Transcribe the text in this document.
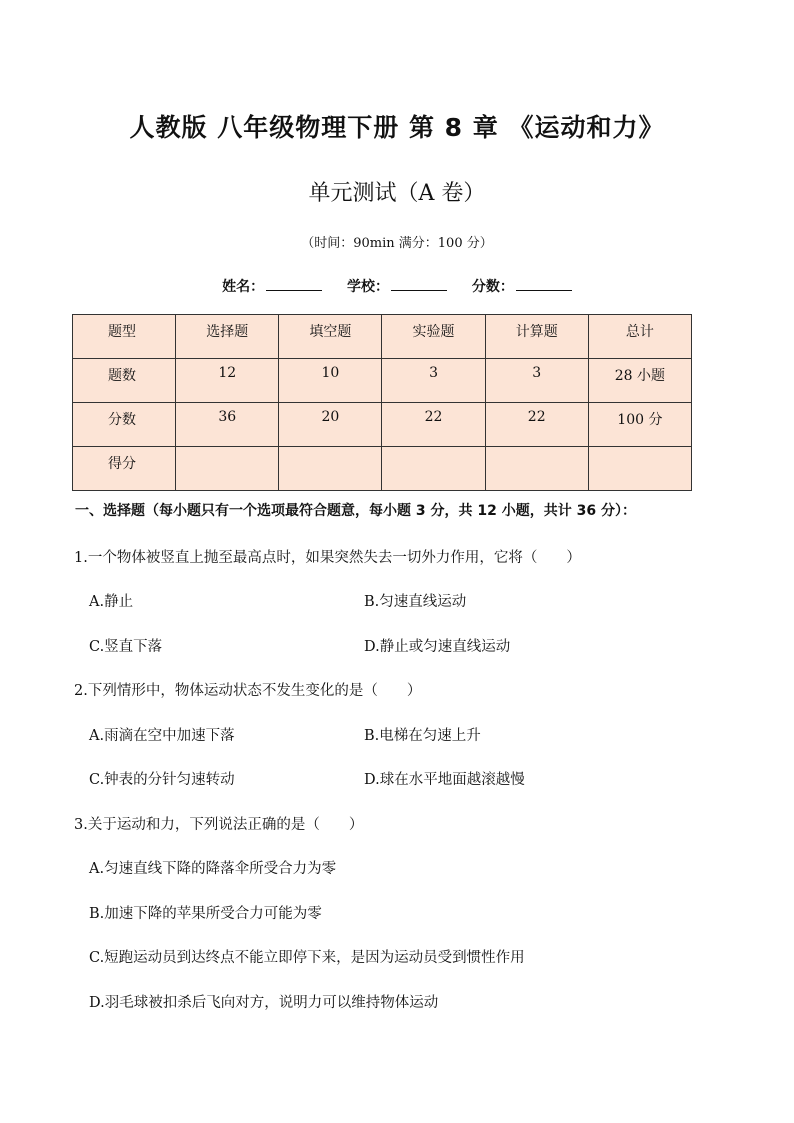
人教版 八年级物理下册 第 8 章 《运动和力》
单元测试（A 卷）
（时间：90min 满分：100 分）
姓名：	学校：	分数：
题型	选择题	填空题	实验题	计算题	总计
题数	12	10	3	3	28 小题
分数	36	20	22	22	100 分
得分					
一、选择题（每小题只有一个选项最符合题意，每小题 3 分，共 12 小题，共计 36 分）：
1.一个物体被竖直上抛至最高点时，如果突然失去一切外力作用，它将（　　）
A.静止	B.匀速直线运动
C.竖直下落	D.静止或匀速直线运动
2.下列情形中，物体运动状态不发生变化的是（　　）
A.雨滴在空中加速下落	B.电梯在匀速上升
C.钟表的分针匀速转动	D.球在水平地面越滚越慢
3.关于运动和力，下列说法正确的是（　　）
A.匀速直线下降的降落伞所受合力为零
B.加速下降的苹果所受合力可能为零
C.短跑运动员到达终点不能立即停下来，是因为运动员受到惯性作用
D.羽毛球被扣杀后飞向对方，说明力可以维持物体运动
